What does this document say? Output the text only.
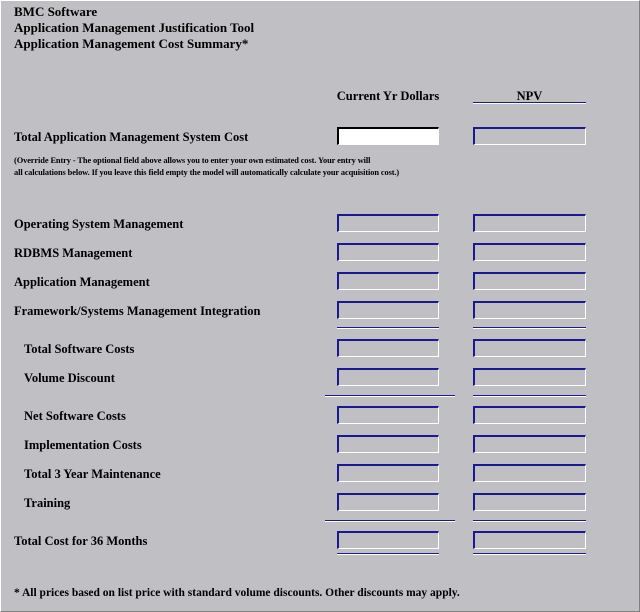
BMC Software
Application Management Justification Tool
Application Management Cost Summary*
Current Yr Dollars	NPV
Total Application Management System Cost
(Override Entry - The optional field above allows you to enter your own estimated cost. Your entry will
all calculations below. If you leave this field empty the model will automatically calculate your acquisition cost.)
Operating System Management
RDBMS Management
Application Management
Framework/Systems Management Integration
Total Software Costs
Volume Discount
Net Software Costs
Implementation Costs
Total 3 Year Maintenance
Training
Total Cost for 36 Months
* All prices based on list price with standard volume discounts. Other discounts may apply.
